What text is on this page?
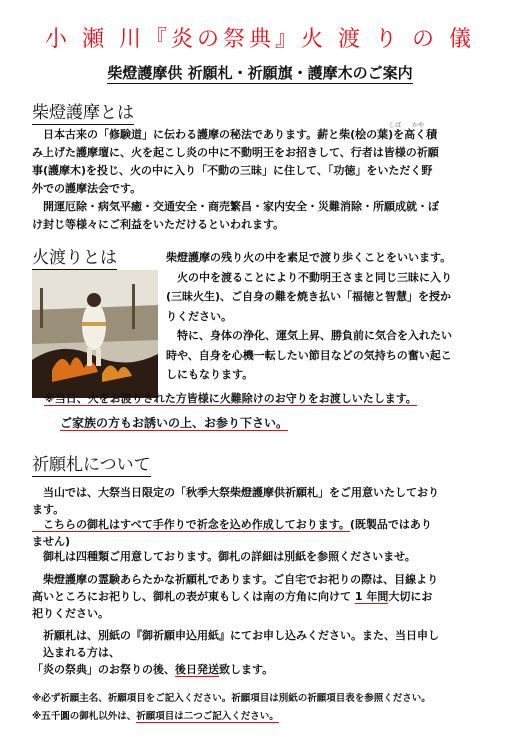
小 瀬 川『炎の祭典』火 渡 り の 儀
柴燈護摩供 祈願札・祈願旗・護摩木のご案内
柴燈護摩とは
しば かや
　日本古来の「修験道」に伝わる護摩の秘法であります。薪と柴(桧の葉)を高く積
み上げた護摩壇に、火を起こし炎の中に不動明王をお招きして、行者は皆様の祈願
事(護摩木)を投じ、火の中に入り「不動の三昧」に住して、「功徳」をいただく野
外での護摩法会です。
　開運厄除・病気平癒・交通安全・商売繁昌・家内安全・災難消除・所願成就・ぼ
け封じ等様々にご利益をいただけるといわれます。
火渡りとは	柴燈護摩の残り火の中を素足で渡り歩くことをいいます。
　火の中を渡ることにより不動明王さまと同じ三昧に入り
(三昧火生)、ご自身の難を焼き払い「福徳と智慧」を授か
りください。
　特に、身体の浄化、運気上昇、勝負前に気合を入れたい
時や、自身を心機一転したい節目などの気持ちの奮い起こ
しにもなります。
※当日、火をお渡りされた方皆様に火難除けのお守りをお渡しいたします。
ご家族の方もお誘いの上、お参り下さい。
祈願札について
　当山では、大祭当日限定の「秋季大祭柴燈護摩供祈願札」をご用意いたしており
ます。
　こちらの御札はすべて手作りで祈念を込め作成しております。(既製品ではあり
ません)
　御札は四種類ご用意しております。御札の詳細は別紙を参照くださいませ。
　柴燈護摩の霊験あらたかな祈願札であります。ご自宅でお祀りの際は、目線より
高いところにお祀りし、御札の表が東もしくは南の方角に向けて 1 年間大切にお
祀りください。
　祈願札は、別紙の『御祈願申込用紙』にてお申し込みください。また、当日申し
　込まれる方は、
「炎の祭典」のお祭りの後、後日発送致します。
※必ず祈願主名、祈願項目をご記入ください。祈願項目は別紙の祈願項目表を参照ください。
※五千圓の御札以外は、祈願項目は二つご記入ください。
